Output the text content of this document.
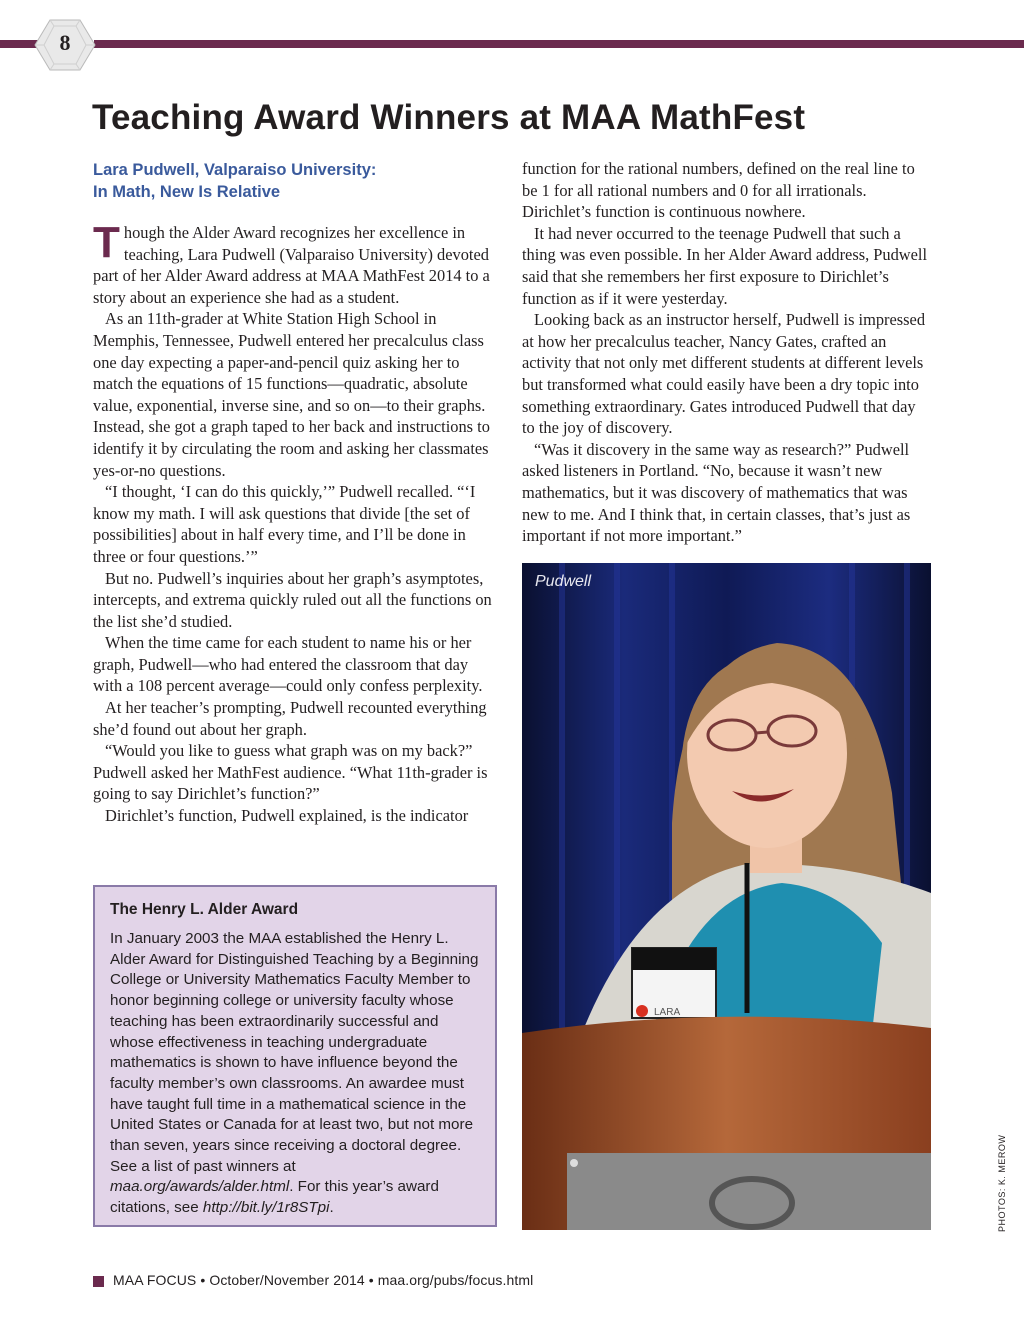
8
Teaching Award Winners at MAA MathFest
Lara Pudwell, Valparaiso University:
In Math, New Is Relative

Though the Alder Award recognizes her excellence in teaching, Lara Pudwell (Valparaiso University) devoted part of her Alder Award address at MAA MathFest 2014 to a story about an experience she had as a student.

As an 11th-grader at White Station High School in Memphis, Tennessee, Pudwell entered her precalculus class one day expecting a paper-and-pencil quiz asking her to match the equations of 15 functions—quadratic, absolute value, exponential, inverse sine, and so on—to their graphs. Instead, she got a graph taped to her back and instructions to identify it by circulating the room and asking her classmates yes-or-no questions.

“I thought, ‘I can do this quickly,’” Pudwell recalled. “‘I know my math. I will ask questions that divide [the set of possibilities] about in half every time, and I’ll be done in three or four questions.’”

But no. Pudwell’s inquiries about her graph’s asymptotes, intercepts, and extrema quickly ruled out all the functions on the list she’d studied.

When the time came for each student to name his or her graph, Pudwell—who had entered the classroom that day with a 108 percent average—could only confess perplexity.

At her teacher’s prompting, Pudwell recounted everything she’d found out about her graph.

“Would you like to guess what graph was on my back?” Pudwell asked her MathFest audience. “What 11th-grader is going to say Dirichlet’s function?”

Dirichlet’s function, Pudwell explained, is the indicator

function for the rational numbers, defined on the real line to be 1 for all rational numbers and 0 for all irrationals. Dirichlet’s function is continuous nowhere.

It had never occurred to the teenage Pudwell that such a thing was even possible. In her Alder Award address, Pudwell said that she remembers her first exposure to Dirichlet’s function as if it were yesterday.

Looking back as an instructor herself, Pudwell is impressed at how her precalculus teacher, Nancy Gates, crafted an activity that not only met different students at different levels but transformed what could easily have been a dry topic into something extraordinary. Gates introduced Pudwell that day to the joy of discovery.

“Was it discovery in the same way as research?” Pudwell asked listeners in Portland. “No, because it wasn’t new mathematics, but it was discovery of mathematics that was new to me. And I think that, in certain classes, that’s just as important if not more important.”

The Henry L. Alder Award
In January 2003 the MAA established the Henry L. Alder Award for Distinguished Teaching by a Beginning College or University Mathematics Faculty Member to honor beginning college or university faculty whose teaching has been extraordinarily successful and whose effectiveness in teaching undergraduate mathematics is shown to have influence beyond the faculty member’s own classrooms. An awardee must have taught full time in a mathematical science in the United States or Canada for at least two, but not more than seven, years since receiving a doctoral degree. See a list of past winners at maa.org/awards/alder.html. For this year’s award citations, see http://bit.ly/1r8STpi.
LARA
Pudwell
PHOTOS: K. MEROW
MAA FOCUS • October/November 2014 • maa.org/pubs/focus.html
